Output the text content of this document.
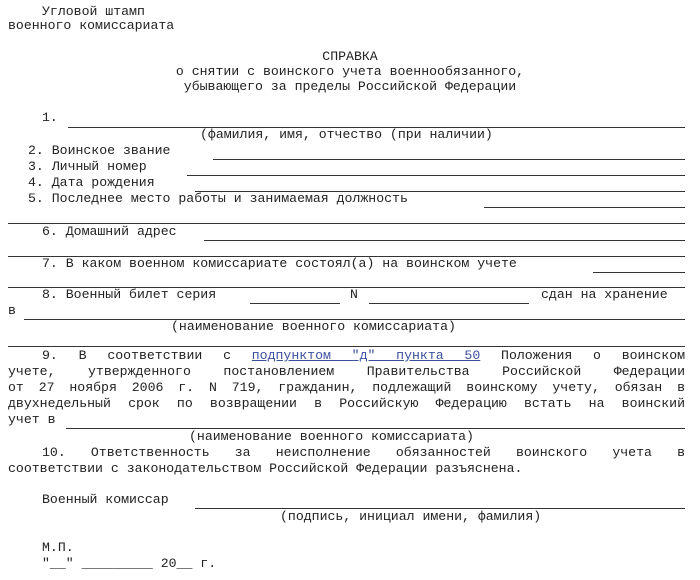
Угловой штамп
военного комиссариата
СПРАВКА
о снятии с воинского учета военнообязанного,
убывающего за пределы Российской Федерации
1.
(фамилия, имя, отчество (при наличии)
2. Воинское звание
3. Личный номер
4. Дата рождения
5. Последнее место работы и занимаемая должность
6. Домашний адрес
7. В каком военном комиссариате состоял(а) на воинском учете
8. Военный билет серия	N	сдан на хранение
в
(наименование военного комиссариата)
9. В соответствии с подпунктом "д" пункта 50 Положения о воинском
учете, утвержденного постановлением Правительства Российской Федерации
от 27 ноября 2006 г. N 719, гражданин, подлежащий воинскому учету, обязан в
двухнедельный срок по возвращении в Российскую Федерацию встать на воинский
учет в
(наименование военного комиссариата)
10. Ответственность за неисполнение обязанностей воинского учета в
соответствии с законодательством Российской Федерации разъяснена.
Военный комиссар
(подпись, инициал имени, фамилия)
М.П.
"__" _________ 20__ г.
